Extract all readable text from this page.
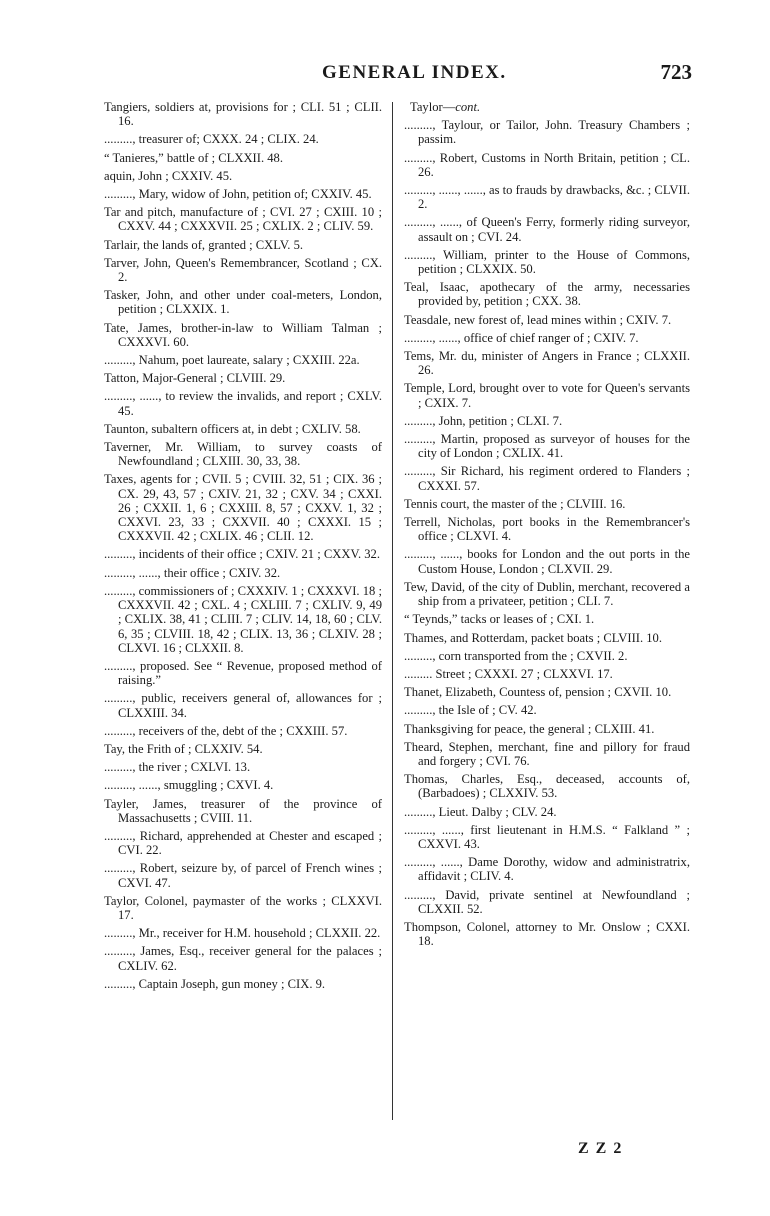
GENERAL INDEX.	723

Tangiers, soldiers at, provisions for ; CLI. 51 ; CLII. 16.

........., treasurer of; CXXX. 24 ; CLIX. 24.

“ Tanieres,” battle of ; CLXXII. 48.

aquin, John ; CXXIV. 45.

........., Mary, widow of John, petition of; CXXIV. 45.

Tar and pitch, manufacture of ; CVI. 27 ; CXIII. 10 ; CXXV. 44 ; CXXXVII. 25 ; CXLIX. 2 ; CLIV. 59.

Tarlair, the lands of, granted ; CXLV. 5.

Tarver, John, Queen's Remembrancer, Scotland ; CX. 2.

Tasker, John, and other under coal-meters, London, petition ; CLXXIX. 1.

Tate, James, brother-in-law to William Talman ; CXXXVI. 60.

........., Nahum, poet laureate, salary ; CXXIII. 22a.

Tatton, Major-General ; CLVIII. 29.

........., ......, to review the invalids, and report ; CXLV. 45.

Taunton, subaltern officers at, in debt ; CXLIV. 58.

Taverner, Mr. William, to survey coasts of Newfoundland ; CLXIII. 30, 33, 38.

Taxes, agents for ; CVII. 5 ; CVIII. 32, 51 ; CIX. 36 ; CX. 29, 43, 57 ; CXIV. 21, 32 ; CXV. 34 ; CXXI. 26 ; CXXII. 1, 6 ; CXXIII. 8, 57 ; CXXV. 1, 32 ; CXXVI. 23, 33 ; CXXVII. 40 ; CXXXI. 15 ; CXXXVII. 42 ; CXLIX. 46 ; CLII. 12.

........., incidents of their office ; CXIV. 21 ; CXXV. 32.

........., ......, their office ; CXIV. 32.

........., commissioners of ; CXXXIV. 1 ; CXXXVI. 18 ; CXXXVII. 42 ; CXL. 4 ; CXLIII. 7 ; CXLIV. 9, 49 ; CXLIX. 38, 41 ; CLIII. 7 ; CLIV. 14, 18, 60 ; CLV. 6, 35 ; CLVIII. 18, 42 ; CLIX. 13, 36 ; CLXIV. 28 ; CLXVI. 16 ; CLXXII. 8.

........., proposed. See “ Revenue, proposed method of raising.”

........., public, receivers general of, allowances for ; CLXXIII. 34.

........., receivers of the, debt of the ; CXXIII. 57.

Tay, the Frith of ; CLXXIV. 54.

........., the river ; CXLVI. 13.

........., ......, smuggling ; CXVI. 4.

Tayler, James, treasurer of the province of Massachusetts ; CVIII. 11.

........., Richard, apprehended at Chester and escaped ; CVI. 22.

........., Robert, seizure by, of parcel of French wines ; CXVI. 47.

Taylor, Colonel, paymaster of the works ; CLXXVI. 17.

........., Mr., receiver for H.M. household ; CLXXII. 22.

........., James, Esq., receiver general for the palaces ; CXLIV. 62.

........., Captain Joseph, gun money ; CIX. 9.

Taylor—cont.

........., Taylour, or Tailor, John. Treasury Chambers ; passim.

........., Robert, Customs in North Britain, petition ; CL. 26.

........., ......, ......, as to frauds by drawbacks, &c. ; CLVII. 2.

........., ......, of Queen's Ferry, formerly riding surveyor, assault on ; CVI. 24.

........., William, printer to the House of Commons, petition ; CLXXIX. 50.

Teal, Isaac, apothecary of the army, necessaries provided by, petition ; CXX. 38.

Teasdale, new forest of, lead mines within ; CXIV. 7.

........., ......, office of chief ranger of ; CXIV. 7.

Tems, Mr. du, minister of Angers in France ; CLXXII. 26.

Temple, Lord, brought over to vote for Queen's servants ; CXIX. 7.

........., John, petition ; CLXI. 7.

........., Martin, proposed as surveyor of houses for the city of London ; CXLIX. 41.

........., Sir Richard, his regiment ordered to Flanders ; CXXXI. 57.

Tennis court, the master of the ; CLVIII. 16.

Terrell, Nicholas, port books in the Remembrancer's office ; CLXVI. 4.

........., ......, books for London and the out ports in the Custom House, London ; CLXVII. 29.

Tew, David, of the city of Dublin, merchant, recovered a ship from a privateer, petition ; CLI. 7.

“ Teynds,” tacks or leases of ; CXI. 1.

Thames, and Rotterdam, packet boats ; CLVIII. 10.

........., corn transported from the ; CXVII. 2.

......... Street ; CXXXI. 27 ; CLXXVI. 17.

Thanet, Elizabeth, Countess of, pension ; CXVII. 10.

........., the Isle of ; CV. 42.

Thanksgiving for peace, the general ; CLXIII. 41.

Theard, Stephen, merchant, fine and pillory for fraud and forgery ; CVI. 76.

Thomas, Charles, Esq., deceased, accounts of, (Barbadoes) ; CLXXIV. 53.

........., Lieut. Dalby ; CLV. 24.

........., ......, first lieutenant in H.M.S. “ Falkland ” ; CXXVI. 43.

........., ......, Dame Dorothy, widow and administratrix, affidavit ; CLIV. 4.

........., David, private sentinel at Newfoundland ; CLXXII. 52.

Thompson, Colonel, attorney to Mr. Onslow ; CXXI. 18.

ZZ2
